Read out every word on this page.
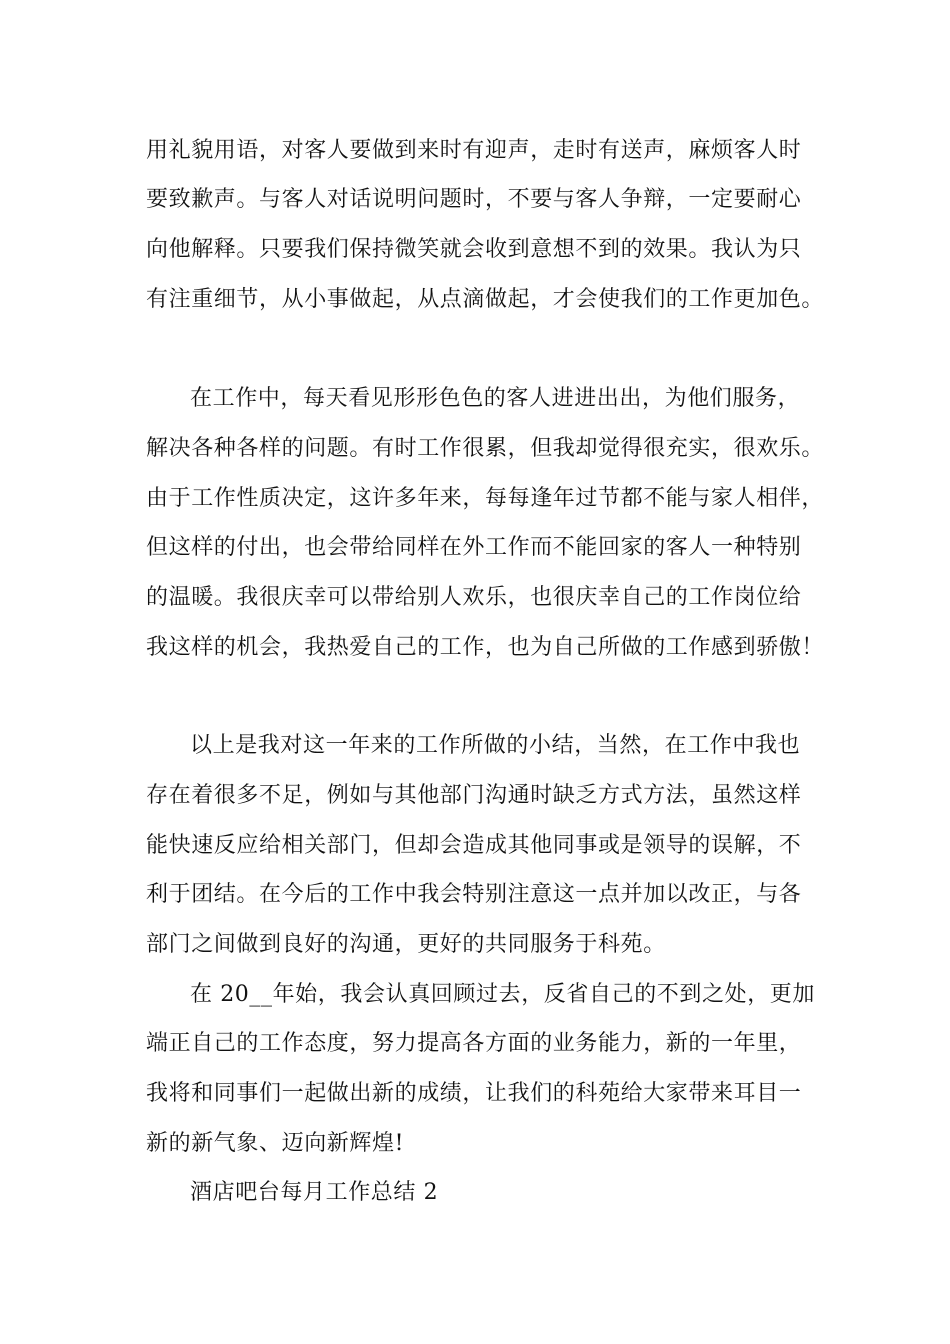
用礼貌用语，对客人要做到来时有迎声，走时有送声，麻烦客人时
要致歉声。与客人对话说明问题时，不要与客人争辩，一定要耐心
向他解释。只要我们保持微笑就会收到意想不到的效果。我认为只
有注重细节，从小事做起，从点滴做起，才会使我们的工作更加色。
在工作中，每天看见形形色色的客人进进出出，为他们服务，
解决各种各样的问题。有时工作很累，但我却觉得很充实，很欢乐。
由于工作性质决定，这许多年来，每每逢年过节都不能与家人相伴，
但这样的付出，也会带给同样在外工作而不能回家的客人一种特别
的温暖。我很庆幸可以带给别人欢乐，也很庆幸自己的工作岗位给
我这样的机会，我热爱自己的工作，也为自己所做的工作感到骄傲！
以上是我对这一年来的工作所做的小结，当然，在工作中我也
存在着很多不足，例如与其他部门沟通时缺乏方式方法，虽然这样
能快速反应给相关部门，但却会造成其他同事或是领导的误解，不
利于团结。在今后的工作中我会特别注意这一点并加以改正，与各
部门之间做到良好的沟通，更好的共同服务于科苑。
在 20__年始，我会认真回顾过去，反省自己的不到之处，更加
端正自己的工作态度，努力提高各方面的业务能力，新的一年里，
我将和同事们一起做出新的成绩，让我们的科苑给大家带来耳目一
新的新气象、迈向新辉煌!
酒店吧台每月工作总结 2
